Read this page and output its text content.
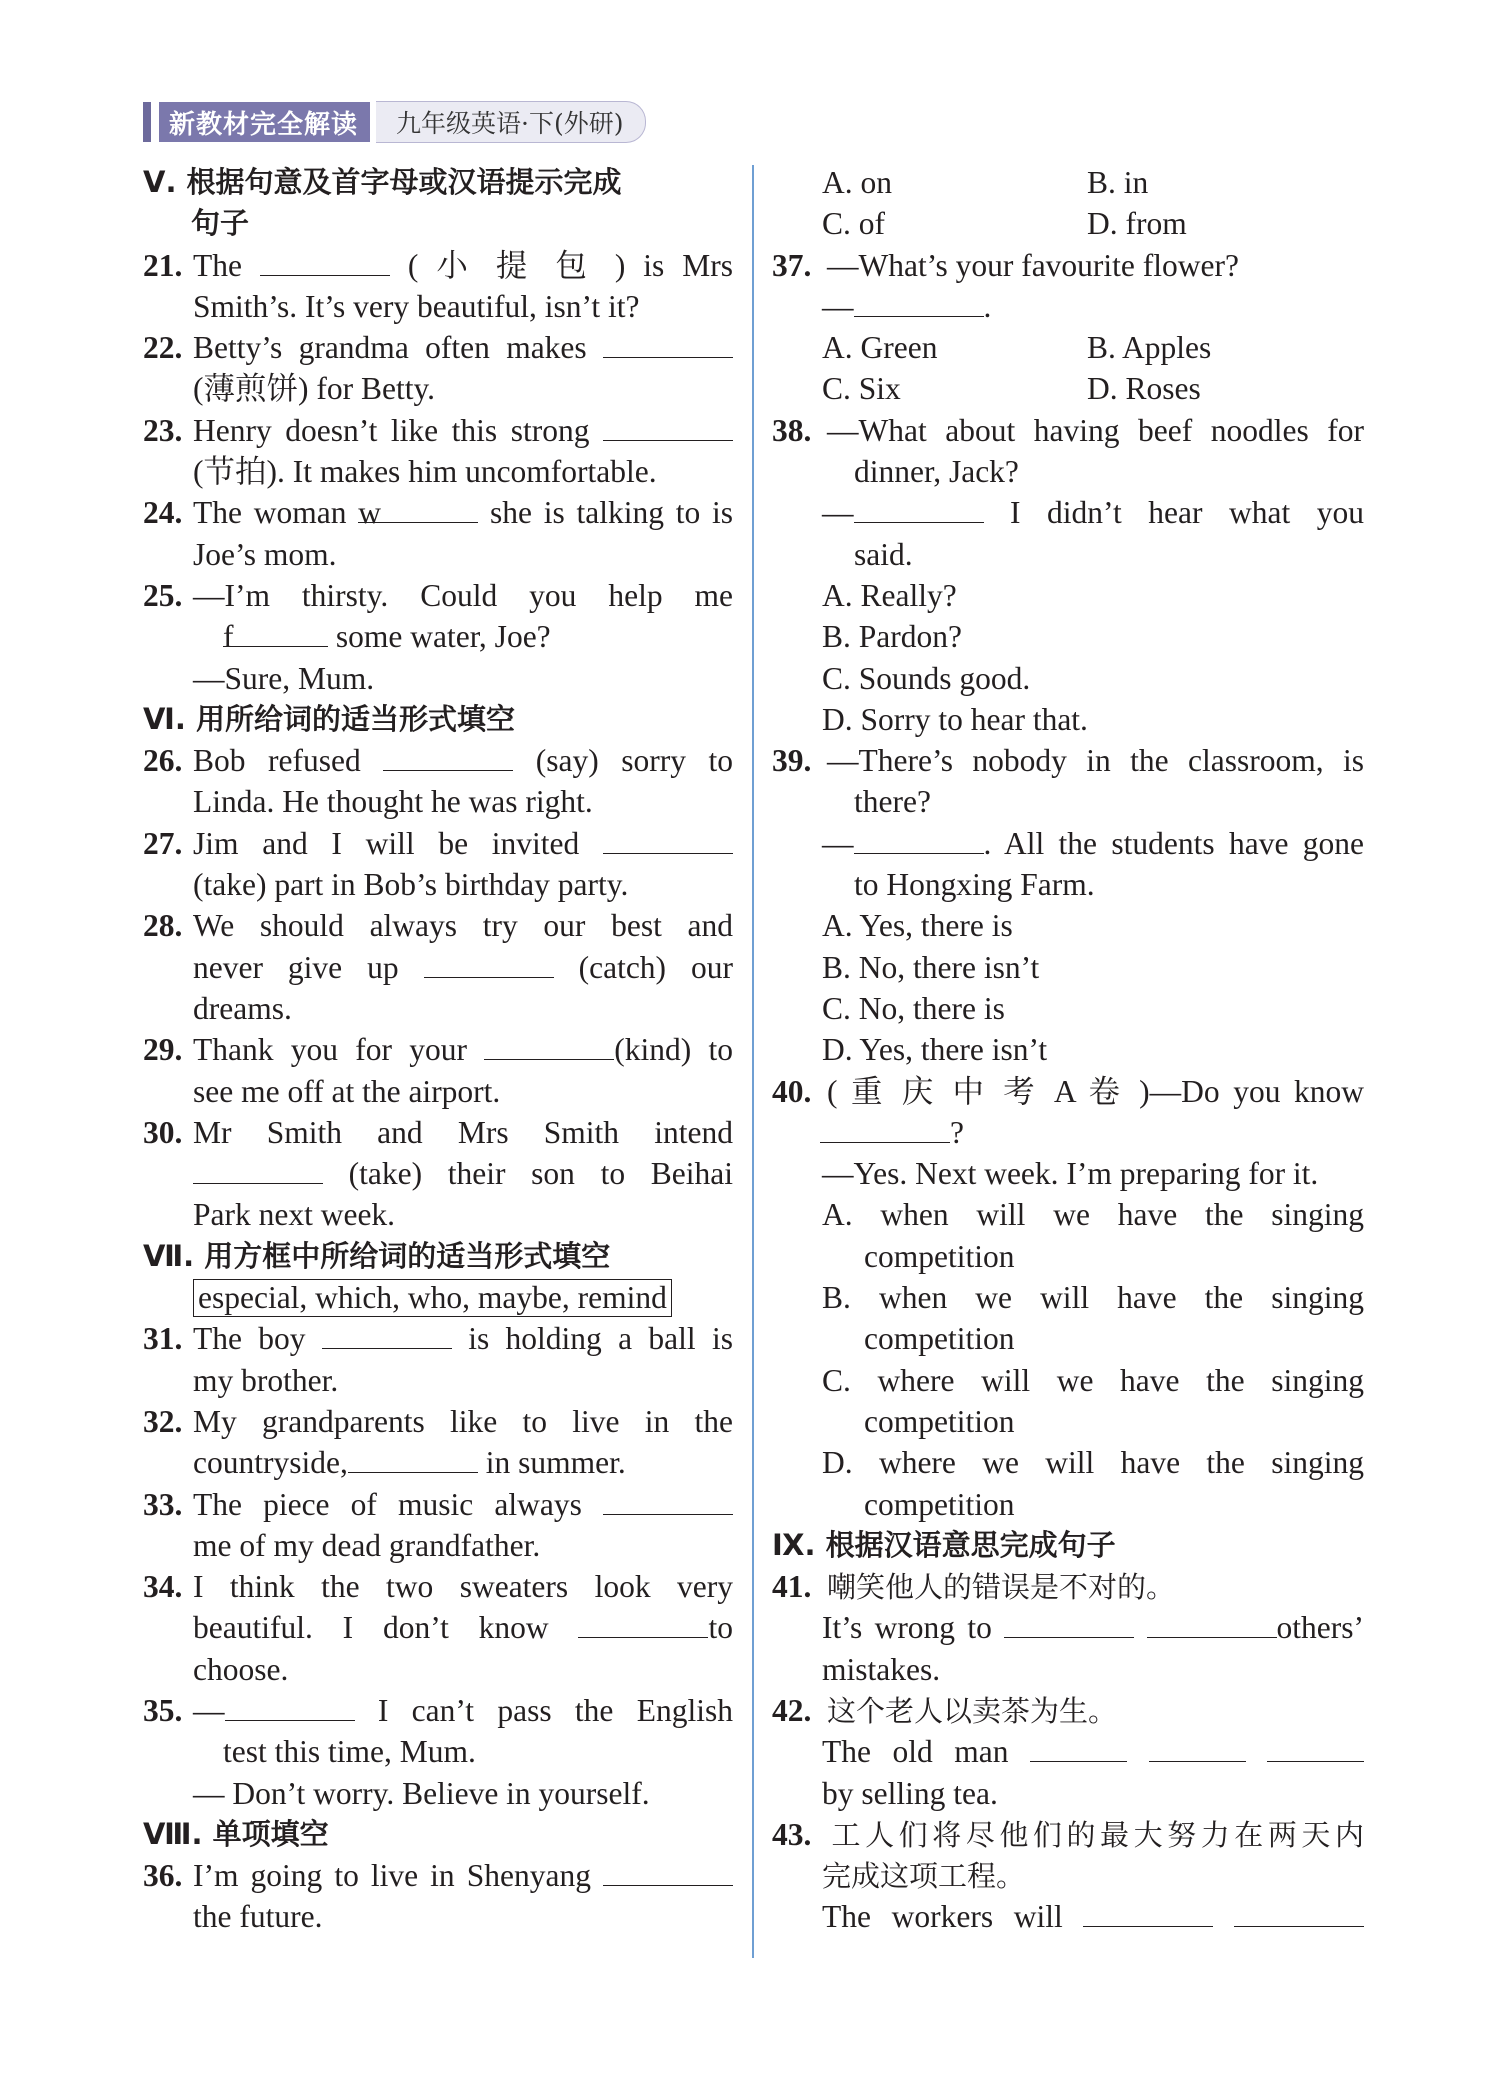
新教材完全解读	九年级英语·下(外研)
Ⅴ. 根据句意及首字母或汉语提示完成
句子
21. The	( 小 提 包 ) is Mrs
Smith’s. It’s very beautiful, isn’t it?
22. Betty’s grandma often makes
(薄煎饼) for Betty.
23. Henry doesn’t like this strong
(节拍). It makes him uncomfortable.
24. The woman w	she is talking to is
Joe’s mom.
25. —I’m thirsty. Could you help me
f	some water, Joe?
—Sure, Mum.
Ⅵ. 用所给词的适当形式填空
26. Bob refused	(say) sorry to
Linda. He thought he was right.
27. Jim and I will be invited
(take) part in Bob’s birthday party.
28. We should always try our best and
never give up	(catch) our
dreams.
29. Thank you for your	(kind) to
see me off at the airport.
30. Mr Smith and Mrs Smith intend
(take) their son to Beihai
Park next week.
Ⅶ. 用方框中所给词的适当形式填空
especial, which, who, maybe, remind
31. The boy	is holding a ball is
my brother.
32. My grandparents like to live in the
countryside,	in summer.
33. The piece of music always
me of my dead grandfather.
34. I think the two sweaters look very
beautiful. I don’t know	to
choose.
35. —	I can’t pass the English
test this time, Mum.
— Don’t worry. Believe in yourself.
Ⅷ. 单项填空
36. I’m going to live in Shenyang
the future.
A. on	B. in
C. of	D. from
37. —What’s your favourite flower?
—	.
A. Green	B. Apples
C. Six	D. Roses
38. —What about having beef noodles for
dinner, Jack?
—	I didn’t hear what you
said.
A. Really?
B. Pardon?
C. Sounds good.
D. Sorry to hear that.
39. —There’s nobody in the classroom, is
there?
—	. All the students have gone
to Hongxing Farm.
A. Yes, there is
B. No, there isn’t
C. No, there is
D. Yes, there isn’t
40. ( 重 庆 中 考 A 卷 )—Do you know
?
—Yes. Next week. I’m preparing for it.
A. when will we have the singing
competition
B. when we will have the singing
competition
C. where will we have the singing
competition
D. where we will have the singing
competition
Ⅸ. 根据汉语意思完成句子
41. 嘲笑他人的错误是不对的。
It’s wrong to	others’
mistakes.
42. 这个老人以卖茶为生。
The old man
by selling tea.
43. 工人们将尽他们的最大努力在两天内
完成这项工程。
The workers will
